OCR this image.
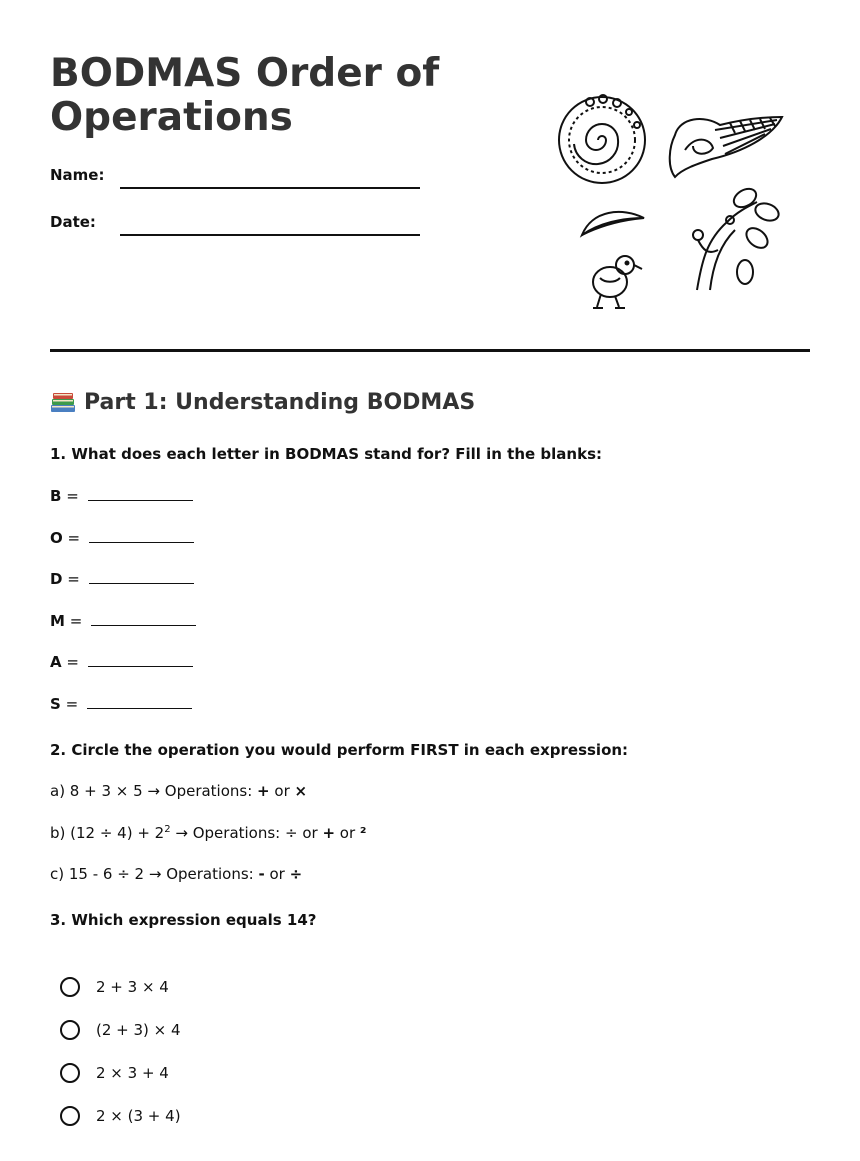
BODMAS Order of Operations
Name:
Date:
Part 1: Understanding BODMAS
1. What does each letter in BODMAS stand for? Fill in the blanks:
B =
O =
D =
M =
A =
S =
2. Circle the operation you would perform FIRST in each expression:
a) 8 + 3 × 5 → Operations: + or ×
b) $(12 \div 4) + 2^2$ → Operations: ÷ or + or ²
c) 15 - 6 ÷ 2 → Operations: - or ÷
3. Which expression equals 14?
2 + 3 × 4
(2 + 3) × 4
2 × 3 + 4
2 × (3 + 4)
